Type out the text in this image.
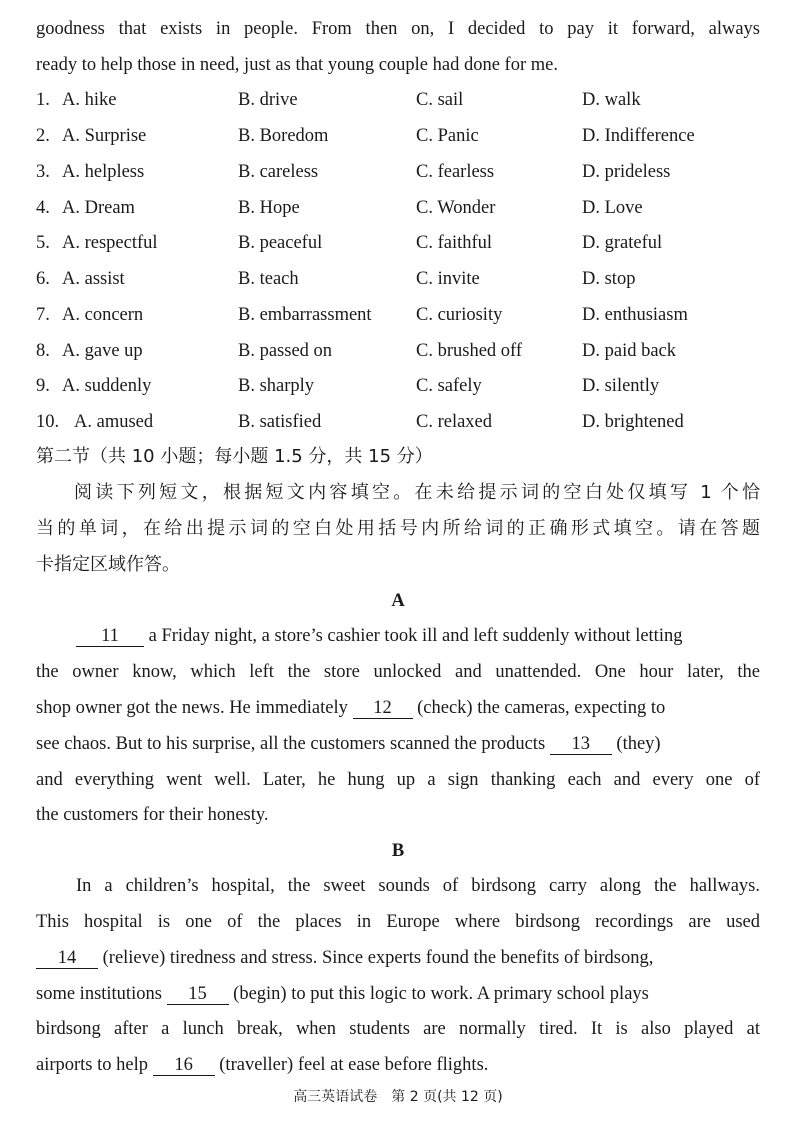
goodness that exists in people. From then on, I decided to pay it forward, always
ready to help those in need, just as that young couple had done for me.
1. A. hike	B. drive	C. sail	D. walk
2. A. Surprise	B. Boredom	C. Panic	D. Indifference
3. A. helpless	B. careless	C. fearless	D. prideless
4. A. Dream	B. Hope	C. Wonder	D. Love
5. A. respectful	B. peaceful	C. faithful	D. grateful
6. A. assist	B. teach	C. invite	D. stop
7. A. concern	B. embarrassment C. curiosity	D. enthusiasm
8. A. gave up	B. passed on	C. brushed off	D. paid back
9. A. suddenly	B. sharply	C. safely	D. silently
10. A. amused	B. satisfied	C. relaxed	D. brightened
第二节（共 10 小题；每小题 1.5 分，共 15 分）
阅读下列短文，根据短文内容填空。在未给提示词的空白处仅填写 1 个恰
当的单词，在给出提示词的空白处用括号内所给词的正确形式填空。请在答题
卡指定区域作答。
A
11 a Friday night, a store’s cashier took ill and left suddenly without letting
the owner know, which left the store unlocked and unattended. One hour later, the
shop owner got the news. He immediately 12 (check) the cameras, expecting to
see chaos. But to his surprise, all the customers scanned the products 13 (they)
and everything went well. Later, he hung up a sign thanking each and every one of
the customers for their honesty.
B
In a children’s hospital, the sweet sounds of birdsong carry along the hallways.
This hospital is one of the places in Europe where birdsong recordings are used
14 (relieve) tiredness and stress. Since experts found the benefits of birdsong,
some institutions 15 (begin) to put this logic to work. A primary school plays
birdsong after a lunch break, when students are normally tired. It is also played at
airports to help 16 (traveller) feel at ease before flights.
高三英语试卷　第 2 页(共 12 页)
